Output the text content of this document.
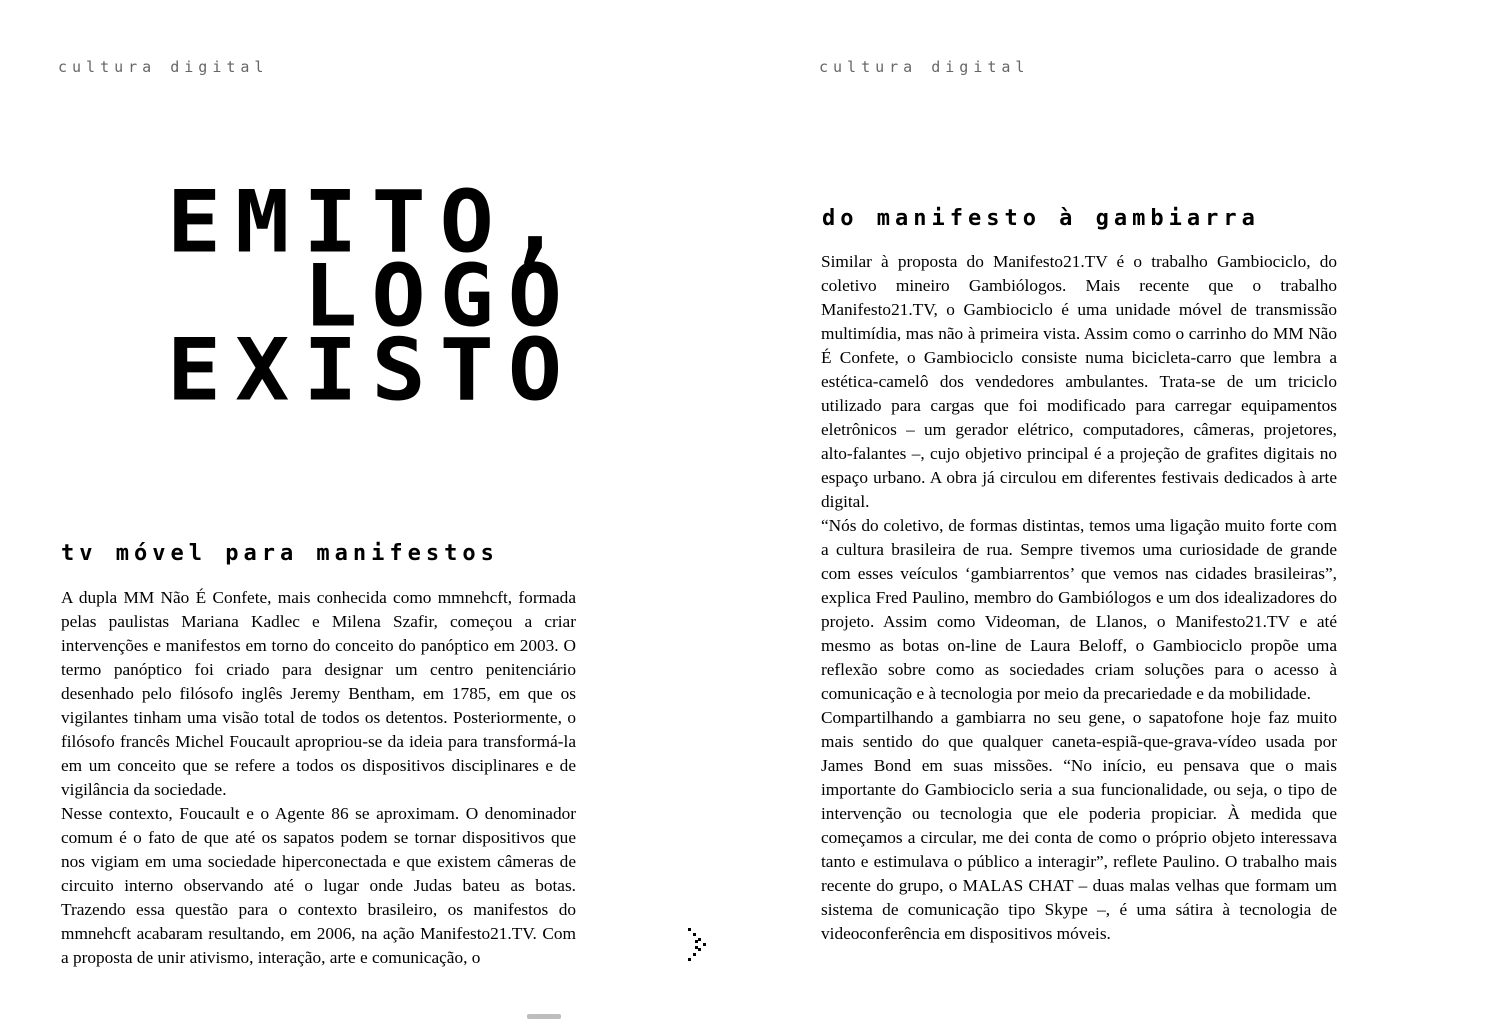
cultura digital
EMITO,
LOGO
EXISTO
tv móvel para manifestos

A dupla MM Não É Confete, mais conhecida como mmnehcft, formada pelas paulistas Mariana Kadlec e Milena Szafir, começou a criar intervenções e manifestos em torno do conceito do panóptico em 2003. O termo panóptico foi criado para designar um centro penitenciário desenhado pelo filósofo inglês Jeremy Bentham, em 1785, em que os vigilantes tinham uma visão total de todos os detentos. Posteriormente, o filósofo francês Michel Foucault apropriou-se da ideia para transformá-la em um conceito que se refere a todos os dispositivos disciplinares e de vigilância da sociedade.

Nesse contexto, Foucault e o Agente 86 se aproximam. O denominador comum é o fato de que até os sapatos podem se tornar dispositivos que nos vigiam em uma sociedade hiperconectada e que existem câmeras de circuito interno observando até o lugar onde Judas bateu as botas. Trazendo essa questão para o contexto brasileiro, os manifestos do mmnehcft acabaram resultando, em 2006, na ação Manifesto21.TV. Com a proposta de unir ativismo, interação, arte e comunicação, o

cultura digital
do manifesto à gambiarra

Similar à proposta do Manifesto21.TV é o trabalho Gambiociclo, do coletivo mineiro Gambiólogos. Mais recente que o trabalho Manifesto21.TV, o Gambiociclo é uma unidade móvel de transmissão multimídia, mas não à primeira vista. Assim como o carrinho do MM Não É Confete, o Gambiociclo consiste numa bicicleta-carro que lembra a estética-camelô dos vendedores ambulantes. Trata-se de um triciclo utilizado para cargas que foi modificado para carregar equipamentos eletrônicos – um gerador elétrico, computadores, câmeras, projetores, alto-falantes –, cujo objetivo principal é a projeção de grafites digitais no espaço urbano. A obra já circulou em diferentes festivais dedicados à arte digital.

“Nós do coletivo, de formas distintas, temos uma ligação muito forte com a cultura brasileira de rua. Sempre tivemos uma curiosidade de grande com esses veículos ‘gambiarrentos’ que vemos nas cidades brasileiras”, explica Fred Paulino, membro do Gambiólogos e um dos idealizadores do projeto. Assim como Videoman, de Llanos, o Manifesto21.TV e até mesmo as botas on-line de Laura Beloff, o Gambiociclo propõe uma reflexão sobre como as sociedades criam soluções para o acesso à comunicação e à tecnologia por meio da precariedade e da mobilidade.

Compartilhando a gambiarra no seu gene, o sapatofone hoje faz muito mais sentido do que qualquer caneta-espiã-que-grava-vídeo usada por James Bond em suas missões. “No início, eu pensava que o mais importante do Gambiociclo seria a sua funcionalidade, ou seja, o tipo de intervenção ou tecnologia que ele poderia propiciar. À medida que começamos a circular, me dei conta de como o próprio objeto interessava tanto e estimulava o público a interagir”, reflete Paulino. O trabalho mais recente do grupo, o MALAS CHAT – duas malas velhas que formam um sistema de comunicação tipo Skype –, é uma sátira à tecnologia de videoconferência em dispositivos móveis.
